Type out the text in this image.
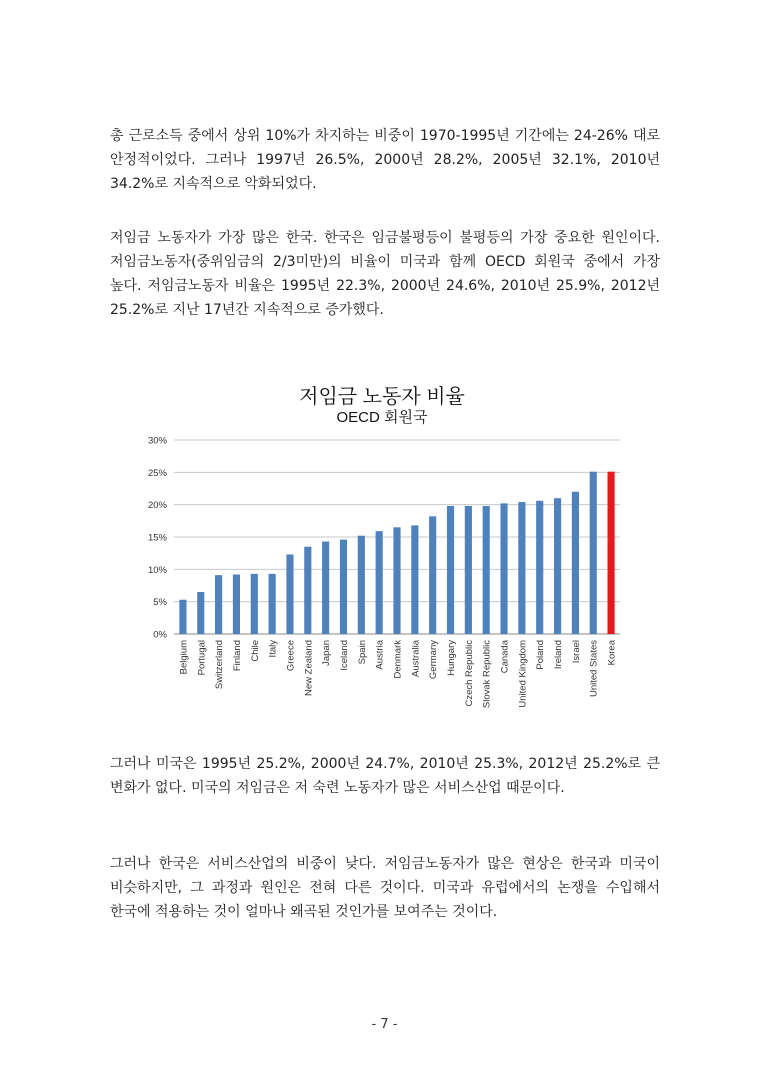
총 근로소득 중에서 상위 10%가 차지하는 비중이 1970-1995년 기간에는 24-26% 대로 안정적이었다. 그러나 1997년 26.5%, 2000년 28.2%, 2005년 32.1%, 2010년 34.2%로 지속적으로 악화되었다.

저임금 노동자가 가장 많은 한국. 한국은 임금불평등이 불평등의 가장 중요한 원인이다. 저임금노동자(중위임금의 2/3미만)의 비율이 미국과 함께 OECD 회원국 중에서 가장 높다. 저임금노동자 비율은 1995년 22.3%, 2000년 24.6%, 2010년 25.9%, 2012년 25.2%로 지난 17년간 지속적으로 증가했다.

저임금 노동자 비율
OECD 회원국
0%
5%
10%
15%
20%
25%
30%
Belgium Portugal Switzerland Finland Chile Italy Greece New Zealand Japan Iceland Spain Austria Denmark Australia Germany Hungary Czech Republic Slovak Republic Canada United Kingdom Poland Ireland Israel United States Korea

그러나 미국은 1995년 25.2%, 2000년 24.7%, 2010년 25.3%, 2012년 25.2%로 큰 변화가 없다. 미국의 저임금은 저 숙련 노동자가 많은 서비스산업 때문이다.

그러나 한국은 서비스산업의 비중이 낮다. 저임금노동자가 많은 현상은 한국과 미국이 비슷하지만, 그 과정과 원인은 전혀 다른 것이다. 미국과 유럽에서의 논쟁을 수입해서 한국에 적용하는 것이 얼마나 왜곡된 것인가를 보여주는 것이다.

- 7 -
